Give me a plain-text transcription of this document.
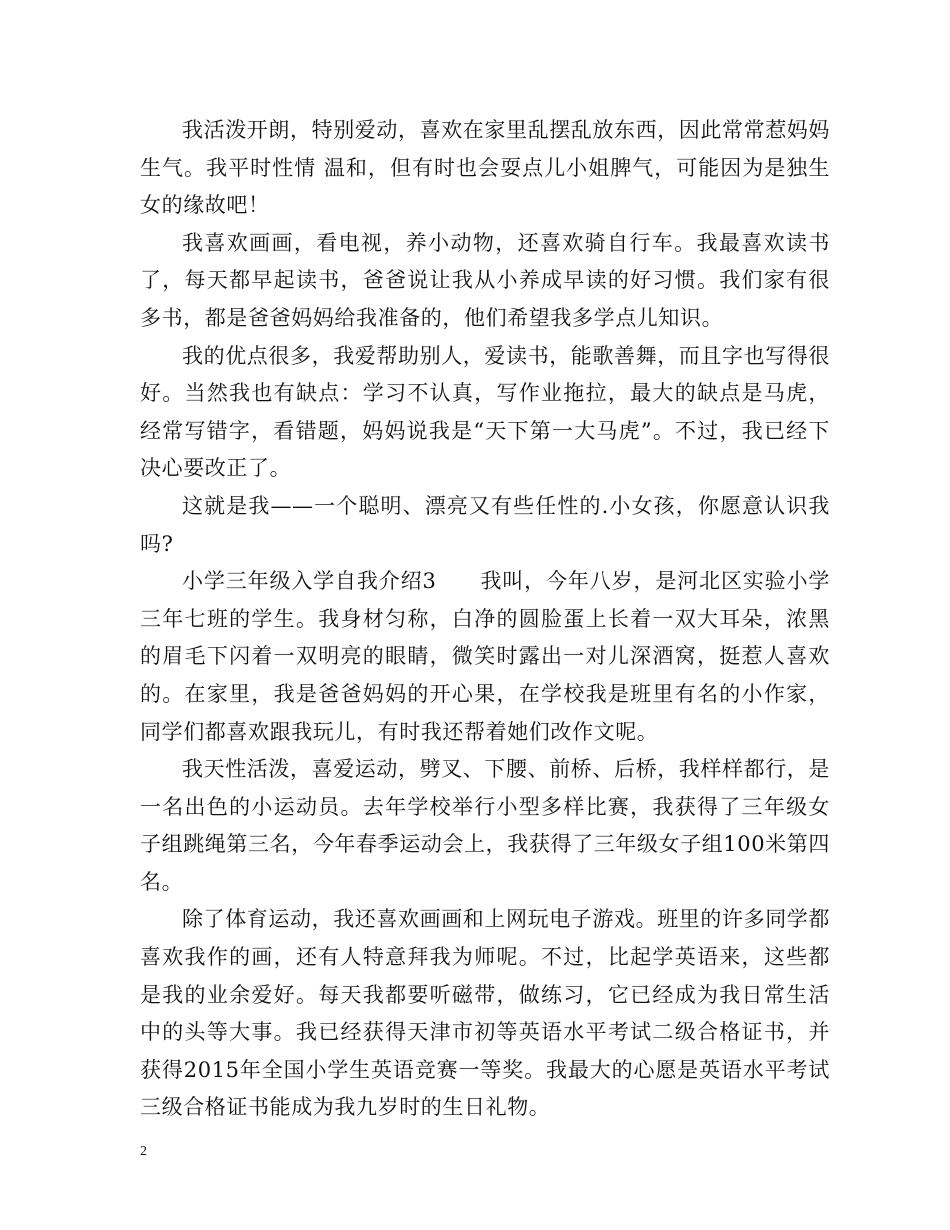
我活泼开朗，特别爱动，喜欢在家里乱摆乱放东西，因此常常惹妈妈生气。我平时性情 温和，但有时也会耍点儿小姐脾气，可能因为是独生女的缘故吧！

我喜欢画画，看电视，养小动物，还喜欢骑自行车。我最喜欢读书了，每天都早起读书，爸爸说让我从小养成早读的好习惯。我们家有很多书，都是爸爸妈妈给我准备的，他们希望我多学点儿知识。

我的优点很多，我爱帮助别人，爱读书，能歌善舞，而且字也写得很好。当然我也有缺点：学习不认真，写作业拖拉，最大的缺点是马虎，经常写错字，看错题，妈妈说我是“天下第一大马虎”。不过，我已经下决心要改正了。

这就是我——一个聪明、漂亮又有些任性的.小女孩，你愿意认识我吗?

小学三年级入学自我介绍3　　我叫，今年八岁，是河北区实验小学三年七班的学生。我身材匀称，白净的圆脸蛋上长着一双大耳朵，浓黑的眉毛下闪着一双明亮的眼睛，微笑时露出一对儿深酒窝，挺惹人喜欢的。在家里，我是爸爸妈妈的开心果，在学校我是班里有名的小作家，同学们都喜欢跟我玩儿，有时我还帮着她们改作文呢。

我天性活泼，喜爱运动，劈叉、下腰、前桥、后桥，我样样都行，是一名出色的小运动员。去年学校举行小型多样比赛，我获得了三年级女子组跳绳第三名，今年春季运动会上，我获得了三年级女子组100米第四名。

除了体育运动，我还喜欢画画和上网玩电子游戏。班里的许多同学都喜欢我作的画，还有人特意拜我为师呢。不过，比起学英语来，这些都是我的业余爱好。每天我都要听磁带，做练习，它已经成为我日常生活中的头等大事。我已经获得天津市初等英语水平考试二级合格证书，并获得2015年全国小学生英语竞赛一等奖。我最大的心愿是英语水平考试三级合格证书能成为我九岁时的生日礼物。

2
